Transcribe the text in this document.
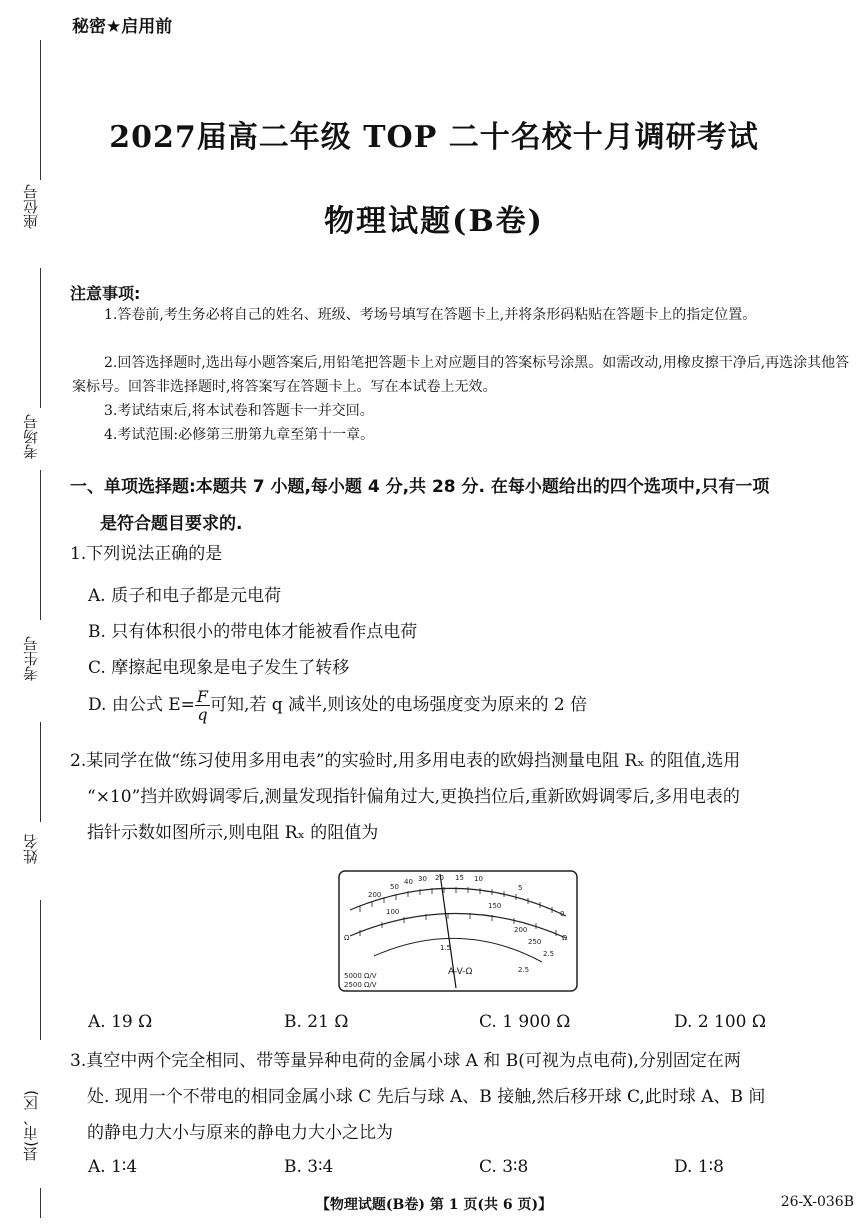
秘密★启用前
座位号
考场号
考生号
姓名
县(市、区)
2027届高二年级 TOP 二十名校十月调研考试
物理试题(B卷)
注意事项:
1.答卷前,考生务必将自己的姓名、班级、考场号填写在答题卡上,并将条形码粘贴在答题卡上的指定位置。
2.回答选择题时,选出每小题答案后,用铅笔把答题卡上对应题目的答案标号涂黑。如需改动,用橡皮擦干净后,再选涂其他答案标号。回答非选择题时,将答案写在答题卡上。写在本试卷上无效。
3.考试结束后,将本试卷和答题卡一并交回。
4.考试范围:必修第三册第九章至第十一章。
一、单项选择题:本题共 7 小题,每小题 4 分,共 28 分. 在每小题给出的四个选项中,只有一项
是符合题目要求的.
1.下列说法正确的是
A. 质子和电子都是元电荷
B. 只有体积很小的带电体才能被看作点电荷
C. 摩擦起电现象是电子发生了转移
D. 由公式 $E= \frac{F}{q}$ 可知,若 q 减半,则该处的电场强度变为原来的 2 倍
2.某同学在做“练习使用多用电表”的实验时,用多用电表的欧姆挡测量电阻 Rₓ 的阻值,选用
“×10”挡并欧姆调零后,测量发现指针偏角过大,更换挡位后,重新欧姆调零后,多用电表的
指针示数如图所示,则电阻 Rₓ 的阻值为
200
50
40 30 20 15 10
5
0
100
150
200
250
2.5
1.5
2.5
Ω	Ω
A-V-Ω
5000 Ω/V
2500 Ω/V
A. 19 Ω	B. 21 Ω	C. 1 900 Ω	D. 2 100 Ω
3.真空中两个完全相同、带等量异种电荷的金属小球 A 和 B(可视为点电荷),分别固定在两
处. 现用一个不带电的相同金属小球 C 先后与球 A、B 接触,然后移开球 C,此时球 A、B 间
的静电力大小与原来的静电力大小之比为
A. 1∶4	B. 3∶4	C. 3∶8	D. 1∶8
【物理试题(B卷) 第 1 页(共 6 页)】	26-X-036B
